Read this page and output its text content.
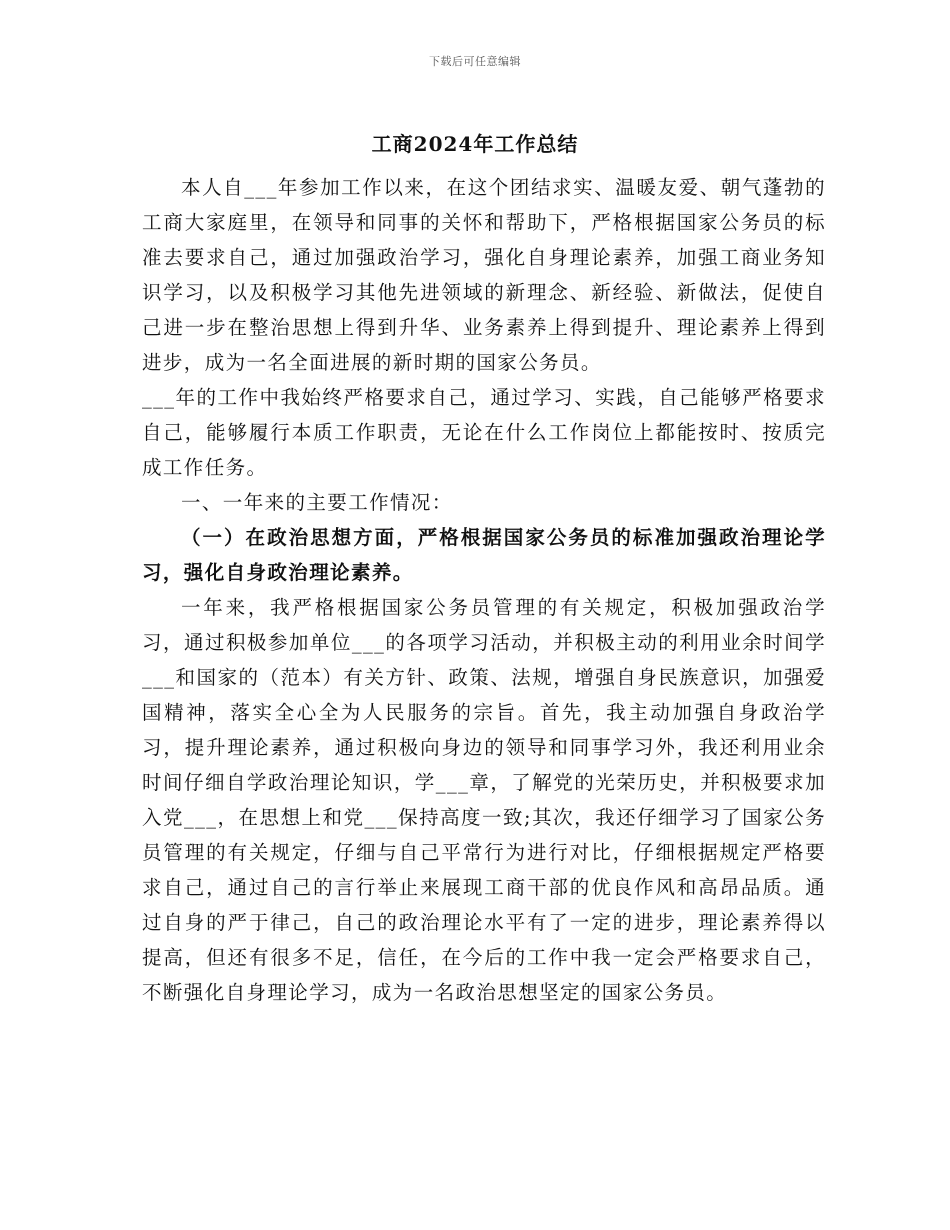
下载后可任意编辑
工商2024年工作总结

本人自___年参加工作以来，在这个团结求实、温暖友爱、朝气蓬勃的工商大家庭里，在领导和同事的关怀和帮助下，严格根据国家公务员的标准去要求自己，通过加强政治学习，强化自身理论素养，加强工商业务知识学习，以及积极学习其他先进领域的新理念、新经验、新做法，促使自己进一步在整治思想上得到升华、业务素养上得到提升、理论素养上得到进步，成为一名全面进展的新时期的国家公务员。

___年的工作中我始终严格要求自己，通过学习、实践，自己能够严格要求自己，能够履行本质工作职责，无论在什么工作岗位上都能按时、按质完成工作任务。

一、一年来的主要工作情况：

（一）在政治思想方面，严格根据国家公务员的标准加强政治理论学习，强化自身政治理论素养。

一年来，我严格根据国家公务员管理的有关规定，积极加强政治学习，通过积极参加单位___的各项学习活动，并积极主动的利用业余时间学___和国家的（范本）有关方针、政策、法规，增强自身民族意识，加强爱国精神，落实全心全为人民服务的宗旨。首先，我主动加强自身政治学习，提升理论素养，通过积极向身边的领导和同事学习外，我还利用业余时间仔细自学政治理论知识，学___章，了解党的光荣历史，并积极要求加入党___，在思想上和党___保持高度一致;其次，我还仔细学习了国家公务员管理的有关规定，仔细与自己平常行为进行对比，仔细根据规定严格要求自己，通过自己的言行举止来展现工商干部的优良作风和高昂品质。通过自身的严于律己，自己的政治理论水平有了一定的进步，理论素养得以提高，但还有很多不足，信任，在今后的工作中我一定会严格要求自己，不断强化自身理论学习，成为一名政治思想坚定的国家公务员。
